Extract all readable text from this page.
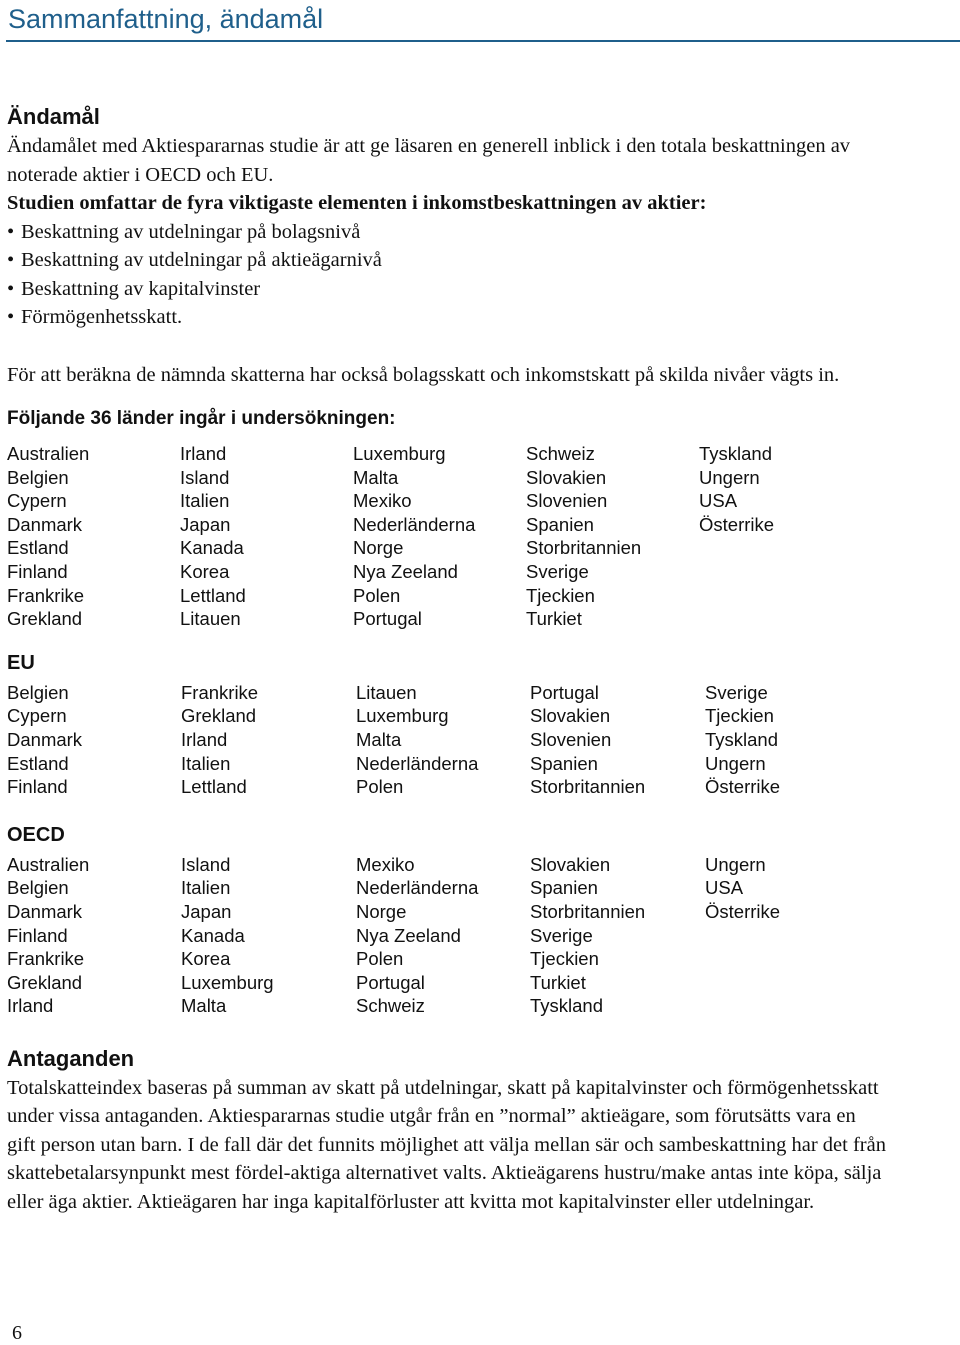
Sammanfattning, ändamål
Ändamål

Ändamålet med Aktiespararnas studie är att ge läsaren en generell inblick i den totala beskattningen av noterade aktier i OECD och EU.

Studien omfattar de fyra viktigaste elementen i inkomstbeskattningen av aktier:

• Beskattning av utdelningar på bolagsnivå
• Beskattning av utdelningar på aktieägarnivå
• Beskattning av kapitalvinster
• Förmögenhetsskatt.

För att beräkna de nämnda skatterna har också bolagsskatt och inkomstskatt på skilda nivåer vägts in.

Följande 36 länder ingår i undersökningen:
Australien
Belgien
Cypern
Danmark
Estland
Finland
Frankrike
Grekland
Irland
Island
Italien
Japan
Kanada
Korea
Lettland
Litauen
Luxemburg
Malta
Mexiko
Nederländerna
Norge
Nya Zeeland
Polen
Portugal
Schweiz
Slovakien
Slovenien
Spanien
Storbritannien
Sverige
Tjeckien
Turkiet
Tyskland
Ungern
USA
Österrike
EU
Belgien
Cypern
Danmark
Estland
Finland
Frankrike
Grekland
Irland
Italien
Lettland
Litauen
Luxemburg
Malta
Nederländerna
Polen
Portugal
Slovakien
Slovenien
Spanien
Storbritannien
Sverige
Tjeckien
Tyskland
Ungern
Österrike
OECD
Australien
Belgien
Danmark
Finland
Frankrike
Grekland
Irland
Island
Italien
Japan
Kanada
Korea
Luxemburg
Malta
Mexiko
Nederländerna
Norge
Nya Zeeland
Polen
Portugal
Schweiz
Slovakien
Spanien
Storbritannien
Sverige
Tjeckien
Turkiet
Tyskland
Ungern
USA
Österrike
Antaganden

Totalskatteindex baseras på summan av skatt på utdelningar, skatt på kapitalvinster och förmögenhetsskatt under vissa antaganden. Aktiespararnas studie utgår från en ”normal” aktieägare, som förutsätts vara en gift person utan barn. I de fall där det funnits möjlighet att välja mellan sär och sambeskattning har det från skattebetalarsynpunkt mest fördel-aktiga alternativet valts. Aktieägarens hustru/make antas inte köpa, sälja eller äga aktier. Aktieägaren har inga kapitalförluster att kvitta mot kapitalvinster eller utdelningar.

6
